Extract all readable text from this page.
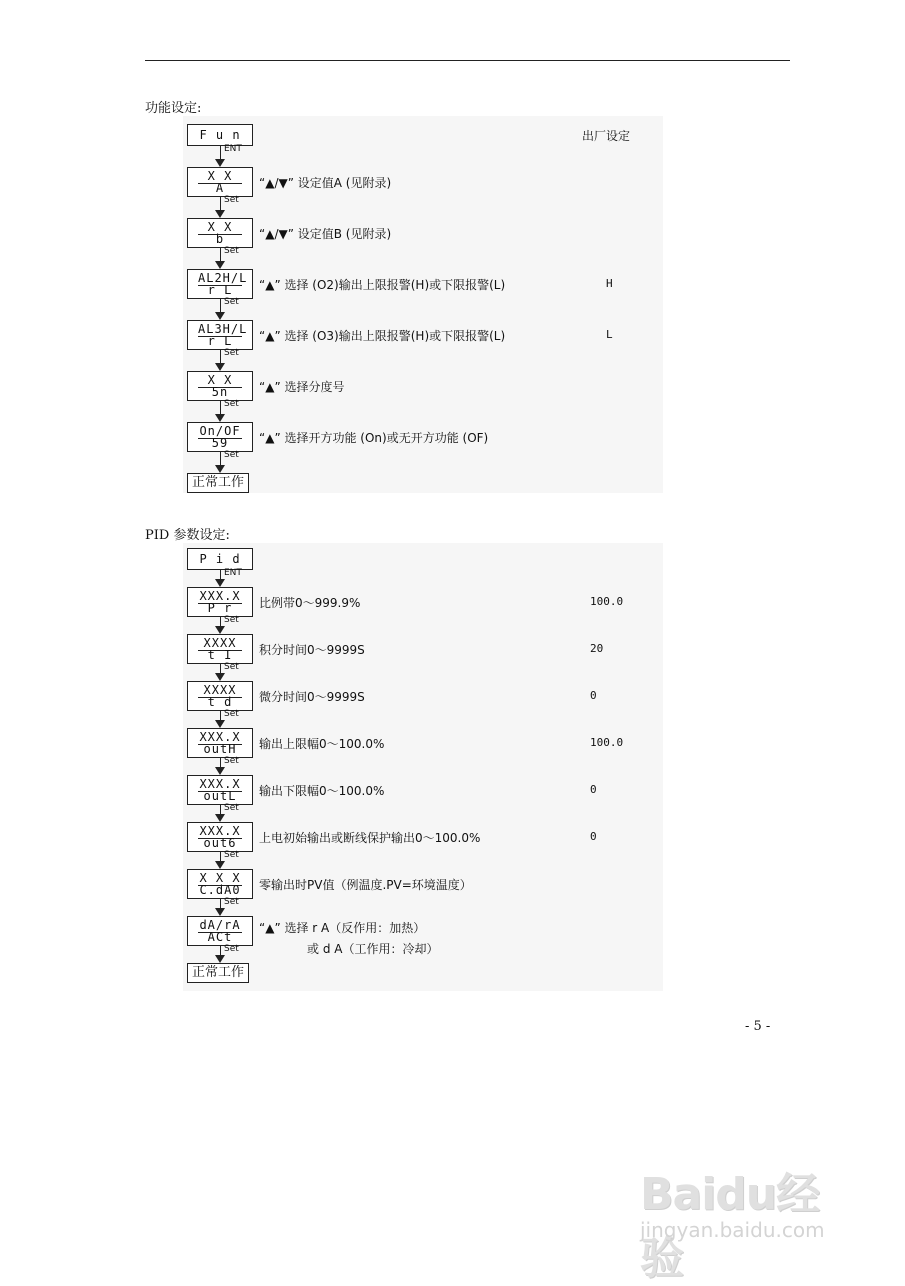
功能设定:
出厂设定
F u n
ENT
X X
A	“▲/▼” 设定值A (见附录)
Set
X X
b	“▲/▼” 设定值B (见附录)
Set
AL2H/L
r L	“▲” 选择 (O2)输出上限报警(H)或下限报警(L)	H
Set
AL3H/L
r L	“▲” 选择 (O3)输出上限报警(H)或下限报警(L)	L
Set
X X
5n	“▲” 选择分度号
Set
On/OF
59	“▲” 选择开方功能 (On)或无开方功能 (OF)
Set
正常工作
PID 参数设定:
P i d
ENT
XXX.X
P r	比例带0～999.9%	100.0
Set
XXXX
t I	积分时间0～9999S	20
Set
XXXX
t d	微分时间0～9999S	0
Set
XXX.X
outH	输出上限幅0～100.0%	100.0
Set
XXX.X
outL	输出下限幅0～100.0%	0
Set
XXX.X
out6	上电初始输出或断线保护输出0～100.0%	0
Set
X X X
C.dA0	零输出时PV值（例温度.PV=环境温度）
Set
dA/rA
ACt
“▲” 选择 r A（反作用：加热）
或 d A（工作用：冷却）
Set
正常工作
- 5 -
Baidu经验
jingyan.baidu.com
